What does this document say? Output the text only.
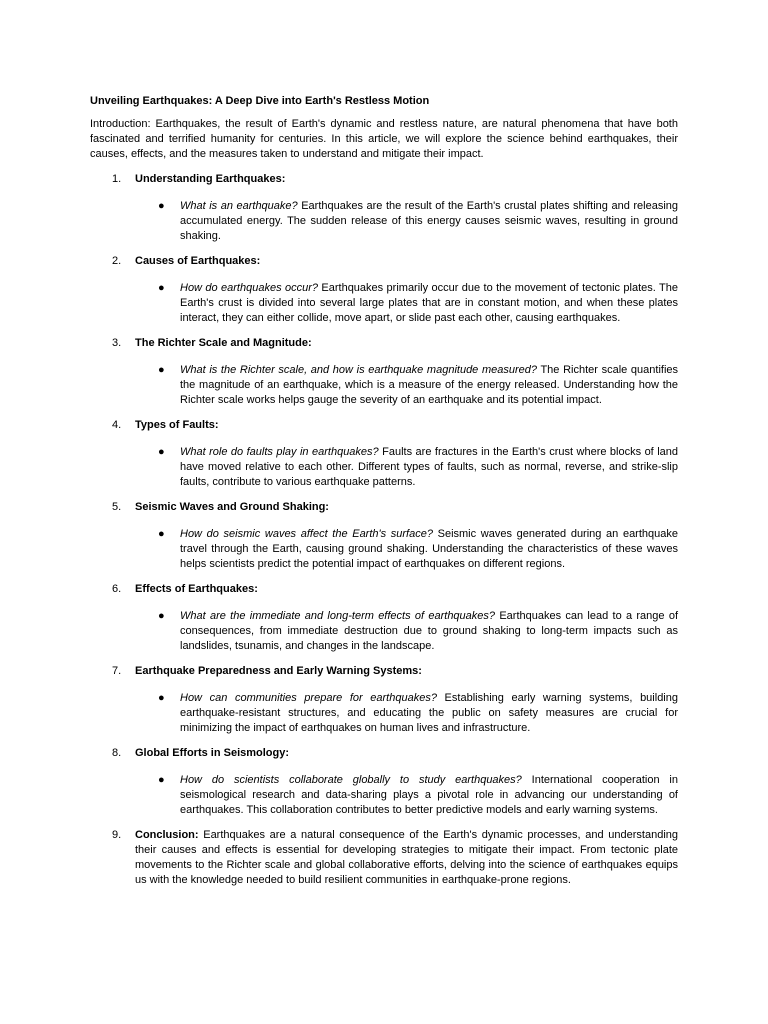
Unveiling Earthquakes: A Deep Dive into Earth's Restless Motion

Introduction: Earthquakes, the result of Earth's dynamic and restless nature, are natural phenomena that have both fascinated and terrified humanity for centuries. In this article, we will explore the science behind earthquakes, their causes, effects, and the measures taken to understand and mitigate their impact.

1.	Understanding Earthquakes:
● What is an earthquake? Earthquakes are the result of the Earth's crustal plates shifting and releasing accumulated energy. The sudden release of this energy causes seismic waves, resulting in ground shaking.
2.	Causes of Earthquakes:
● How do earthquakes occur? Earthquakes primarily occur due to the movement of tectonic plates. The Earth's crust is divided into several large plates that are in constant motion, and when these plates interact, they can either collide, move apart, or slide past each other, causing earthquakes.
3.	The Richter Scale and Magnitude:
● What is the Richter scale, and how is earthquake magnitude measured? The Richter scale quantifies the magnitude of an earthquake, which is a measure of the energy released. Understanding how the Richter scale works helps gauge the severity of an earthquake and its potential impact.
4.	Types of Faults:
● What role do faults play in earthquakes? Faults are fractures in the Earth's crust where blocks of land have moved relative to each other. Different types of faults, such as normal, reverse, and strike-slip faults, contribute to various earthquake patterns.
5.	Seismic Waves and Ground Shaking:
● How do seismic waves affect the Earth's surface? Seismic waves generated during an earthquake travel through the Earth, causing ground shaking. Understanding the characteristics of these waves helps scientists predict the potential impact of earthquakes on different regions.
6.	Effects of Earthquakes:
● What are the immediate and long-term effects of earthquakes? Earthquakes can lead to a range of consequences, from immediate destruction due to ground shaking to long-term impacts such as landslides, tsunamis, and changes in the landscape.
7.	Earthquake Preparedness and Early Warning Systems:
● How can communities prepare for earthquakes? Establishing early warning systems, building earthquake-resistant structures, and educating the public on safety measures are crucial for minimizing the impact of earthquakes on human lives and infrastructure.
8.	Global Efforts in Seismology:
● How do scientists collaborate globally to study earthquakes? International cooperation in seismological research and data-sharing plays a pivotal role in advancing our understanding of earthquakes. This collaboration contributes to better predictive models and early warning systems.
9.	Conclusion: Earthquakes are a natural consequence of the Earth's dynamic processes, and understanding their causes and effects is essential for developing strategies to mitigate their impact. From tectonic plate movements to the Richter scale and global collaborative efforts, delving into the science of earthquakes equips us with the knowledge needed to build resilient communities in earthquake-prone regions.
